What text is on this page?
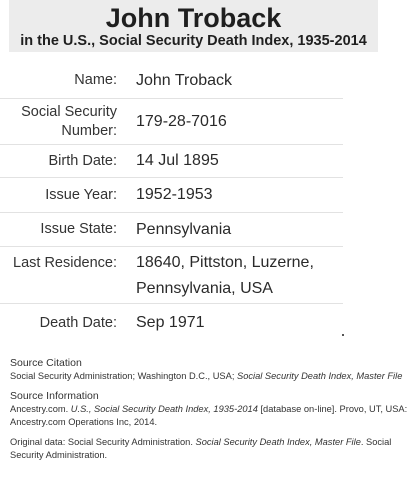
John Troback
in the U.S., Social Security Death Index, 1935-2014
Name: John Troback
Social Security
Number:
179-28-7016
Birth Date: 14 Jul 1895
Issue Year: 1952-1953
Issue State: Pennsylvania
Last Residence: 18640, Pittston, Luzerne,
Pennsylvania, USA
Death Date: Sep 1971
Source Citation
Social Security Administration; Washington D.C., USA; Social Security Death Index, Master File
Source Information
Ancestry.com. U.S., Social Security Death Index, 1935-2014 [database on-line]. Provo, UT, USA: Ancestry.com Operations Inc, 2014.
Original data: Social Security Administration. Social Security Death Index, Master File. Social Security Administration.
